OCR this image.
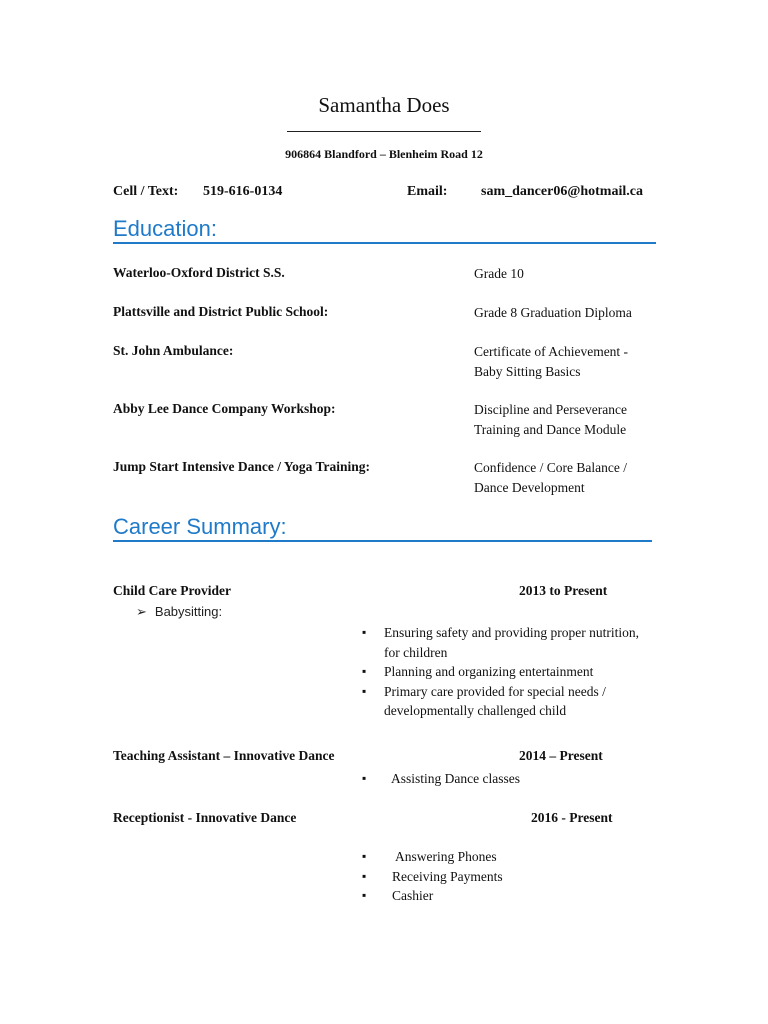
Samantha Does
906864 Blandford – Blenheim Road 12
Cell / Text: 519-616-0134	Email: sam_dancer06@hotmail.ca
Education:
Waterloo-Oxford District S.S.	Grade 10
Plattsville and District Public School:	Grade 8 Graduation Diploma
St. John Ambulance:	Certificate of Achievement - Baby Sitting Basics
Abby Lee Dance Company Workshop:	Discipline and Perseverance Training and Dance Module
Jump Start Intensive Dance / Yoga Training:	Confidence / Core Balance / Dance Development
Career Summary:
Child Care Provider	2013 to Present
➢ Babysitting:
▪ Ensuring safety and providing proper nutrition, for children
▪ Planning and organizing entertainment
▪ Primary care provided for special needs / developmentally challenged child
Teaching Assistant – Innovative Dance	2014 – Present
▪ Assisting Dance classes
Receptionist - Innovative Dance	2016 - Present
▪ Answering Phones
▪ Receiving Payments
▪ Cashier
